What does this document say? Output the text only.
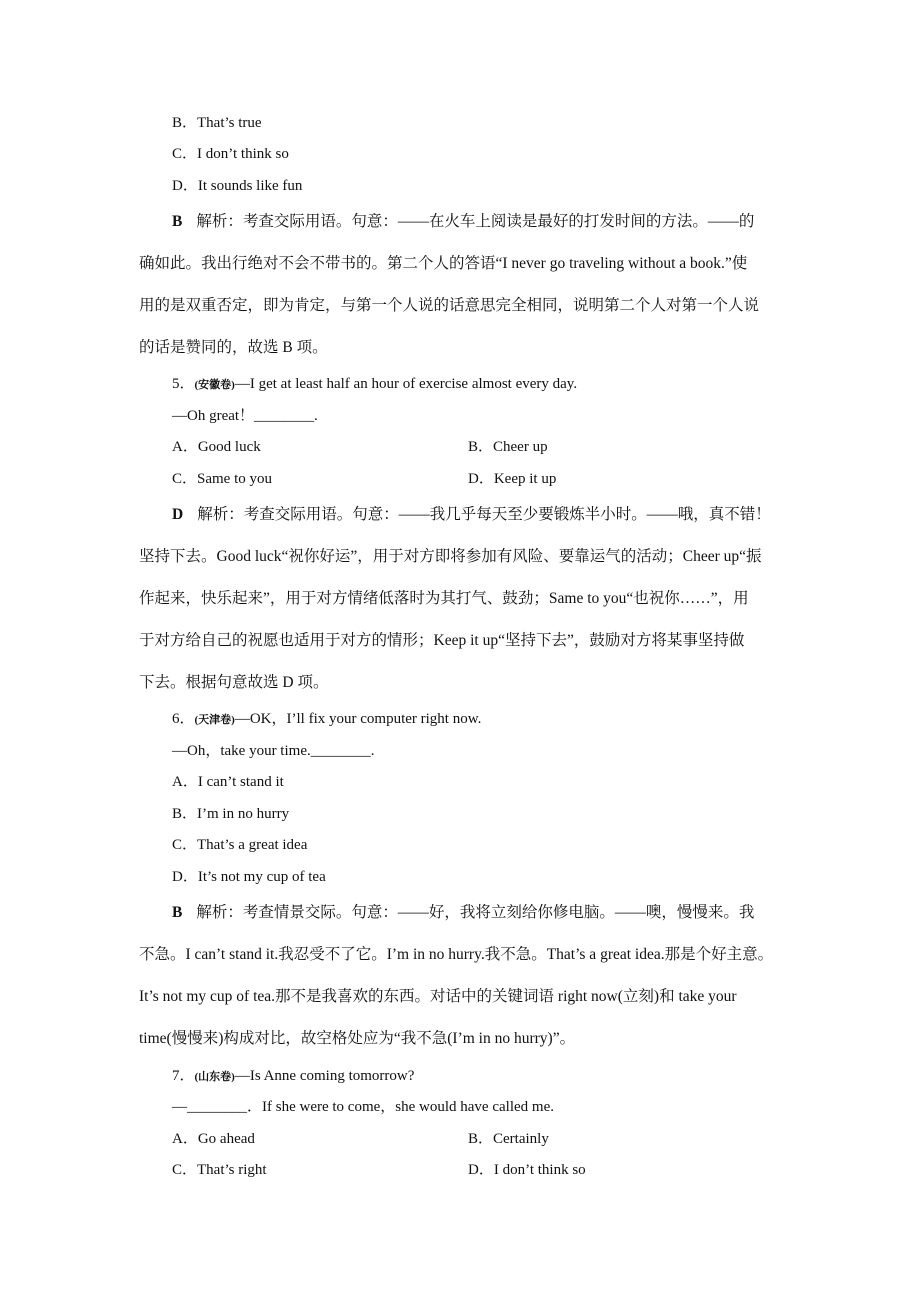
B．That’s true
C．I don’t think so
D．It sounds like fun
B 解析：考查交际用语。句意：——在火车上阅读是最好的打发时间的方法。——的
确如此。我出行绝对不会不带书的。第二个人的答语“I never go traveling without a book.”使
用的是双重否定，即为肯定，与第一个人说的话意思完全相同，说明第二个人对第一个人说
的话是赞同的，故选 B 项。
5．(安徽卷)—I get at least half an hour of exercise almost every day.
—Oh great！________.
A．Good luck	B．Cheer up
C．Same to you	D．Keep it up
D 解析：考查交际用语。句意：——我几乎每天至少要锻炼半小时。——哦，真不错！
坚持下去。Good luck“祝你好运”，用于对方即将参加有风险、要靠运气的活动；Cheer up“振
作起来，快乐起来”，用于对方情绪低落时为其打气、鼓劲；Same to you“也祝你……”，用
于对方给自己的祝愿也适用于对方的情形；Keep it up“坚持下去”，鼓励对方将某事坚持做
下去。根据句意故选 D 项。
6．(天津卷)—OK，I’ll fix your computer right now.
—Oh，take your time.________.
A．I can’t stand it
B．I’m in no hurry
C．That’s a great idea
D．It’s not my cup of tea
B 解析：考查情景交际。句意：——好，我将立刻给你修电脑。——噢，慢慢来。我
不急。I can’t stand it.我忍受不了它。I’m in no hurry.我不急。That’s a great idea.那是个好主意。
It’s not my cup of tea.那不是我喜欢的东西。对话中的关键词语 right now(立刻)和 take your
time(慢慢来)构成对比，故空格处应为“我不急(I’m in no hurry)”。
7．(山东卷)—Is Anne coming tomorrow?
—________．If she were to come，she would have called me.
A．Go ahead	B．Certainly
C．That’s right	D．I don’t think so
